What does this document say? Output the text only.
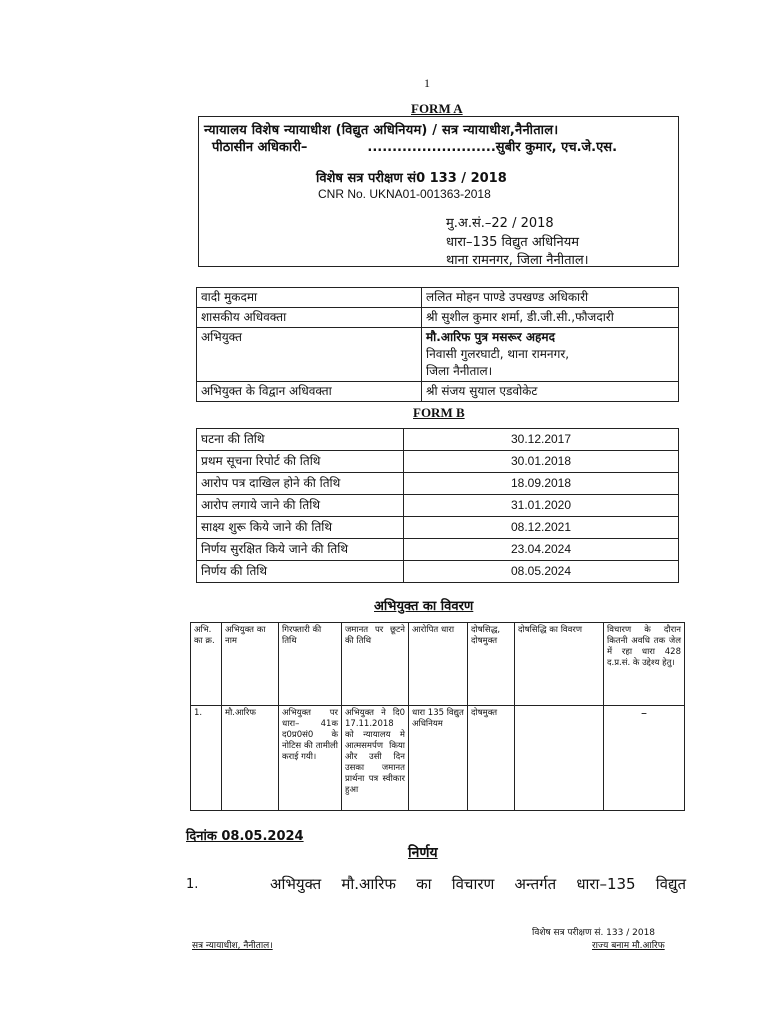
1
FORM A
न्यायालय विशेष न्यायाधीश (विद्युत अधिनियम) / सत्र न्यायाधीश,नैनीताल।
पीठासीन अधिकारी–	..........................सुबीर कुमार, एच.जे.एस.
विशेष सत्र परीक्षण सं0 133 / 2018
CNR No. UKNA01-001363-2018
मु.अ.सं.–22 / 2018
धारा–135 विद्युत अधिनियम
थाना रामनगर, जिला नैनीताल।
वादी मुकदमा	ललित मोहन पाण्डे उपखण्ड अधिकारी

शासकीय अधिवक्ता	श्री सुशील कुमार शर्मा, डी.जी.सी.,फौजदारी

अभियुक्त	मौ.आरिफ पुत्र मसरूर अहमद
निवासी गुलरघाटी, थाना रामनगर,
जिला नैनीताल।

अभियुक्त के विद्वान अधिवक्ता	श्री संजय सुयाल एडवोकेट
FORM B
घटना की तिथि	30.12.2017
प्रथम सूचना रिपोर्ट की तिथि	30.01.2018
आरोप पत्र दाखिल होने की तिथि	18.09.2018
आरोप लगाये जाने की तिथि	31.01.2020
साक्ष्य शुरू किये जाने की तिथि	08.12.2021
निर्णय सुरक्षित किये जाने की तिथि	23.04.2024
निर्णय की तिथि	08.05.2024
अभियुक्त का विवरण
अभि. का क्र.	अभियुक्त का नाम	गिरफ्तारी की तिथि	जमानत पर छूटने की तिथि	आरोपित धारा	दोषसिद्ध, दोषमुक्त	दोषसिद्धि का विवरण	विचारण के दौरान कितनी अवधि तक जेल में रहा धारा 428 द.प्र.सं. के उद्देश्य हेतु।
1.	मौ.आरिफ	अभियुक्त पर धारा– 41क द0प्र0सं0 के नोटिस की तामीली कराई गयी।	अभियुक्त ने दि0 17.11.2018 को न्यायालय मे आत्मसमर्पण किया और उसी दिन उसका जमानत प्रार्थना पत्र स्वीकार हुआ	धारा 135 विद्युत अधिनियम	दोषमुक्त		–
दिनांक 08.05.2024
निर्णय
1.	अभियुक्त मौ.आरिफ का विचारण अन्तर्गत धारा–135 विद्युत
विशेष सत्र परीक्षण सं. 133 / 2018
राज्य बनाम मौ.आरिफ
सत्र न्यायाधीश, नैनीताल।
